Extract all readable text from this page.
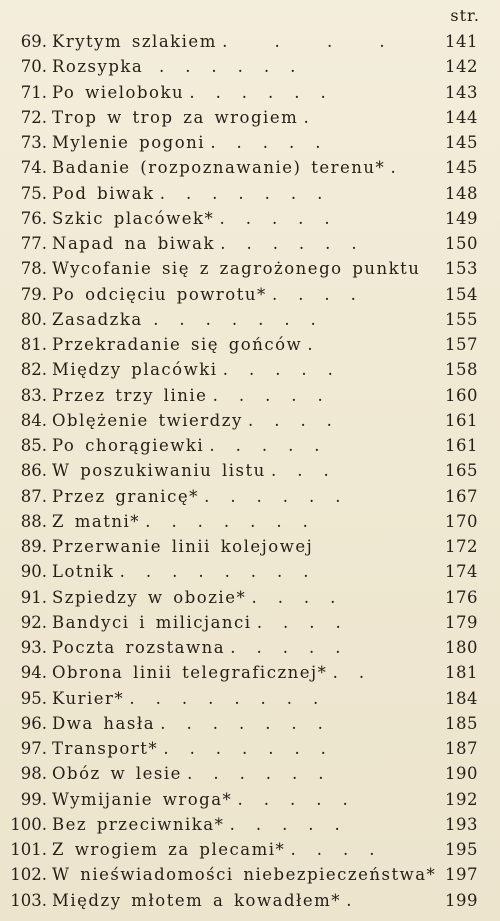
str.
69. Krytym szlakiem .         .         .         .	141
70. Rozsypka   .    .    .    .    .    .	142
71. Po wieloboku .    .    .    .    .    .	143
72. Trop w trop za wrogiem .	144
73. Mylenie pogoni .    .    .    .    .	145
74. Badanie (rozpoznawanie) terenu* .	145
75. Pod biwak .    .    .    .    .    .    .	148
76. Szkic placówek* .    .    .    .    .	149
77. Napad na biwak .    .    .    .    .    .	150
78. Wycofanie się z zagrożonego punktu 153
79. Po odcięciu powrotu* .    .    .    .	154
80. Zasadzka  .    .    .    .    .    .    .	155
81. Przekradanie się gońców .	157
82. Między placówki .    .    .    .    .	158
83. Przez trzy linie .    .    .    .    .	160
84. Oblężenie twierdzy .    .    .    .	161
85. Po chorągiewki .    .    .    .    .	161
86. W poszukiwaniu listu .    .    .	165
87. Przez granicę* .    .    .    .    .    .	167
88. Z matni* .    .    .    .    .    .    .	170
89. Przerwanie linii kolejowej	172
90. Lotnik .    .    .    .    .    .    .    .	174
91. Szpiedzy w obozie* .    .    .    .	176
92. Bandyci i milicjanci .    .    .    .	179
93. Poczta rozstawna .    .    .    .    .	180
94. Obrona linii telegraficznej* .    .	181
95. Kurier* .    .    .    .    .    .    .    .	184
96. Dwa hasła .    .    .    .    .    .    .	185
97. Transport* .    .    .    .    .    .    .	187
98. Obóz w lesie .    .    .    .    .    .	190
99. Wymijanie wroga* .    .    .    .    .	192
100. Bez przeciwnika* .    .    .    .    .	193
101. Z wrogiem za plecami* .    .    .    .	195
102. W nieświadomości niebezpieczeństwa* 197
103. Między młotem a kowadłem* .	199
